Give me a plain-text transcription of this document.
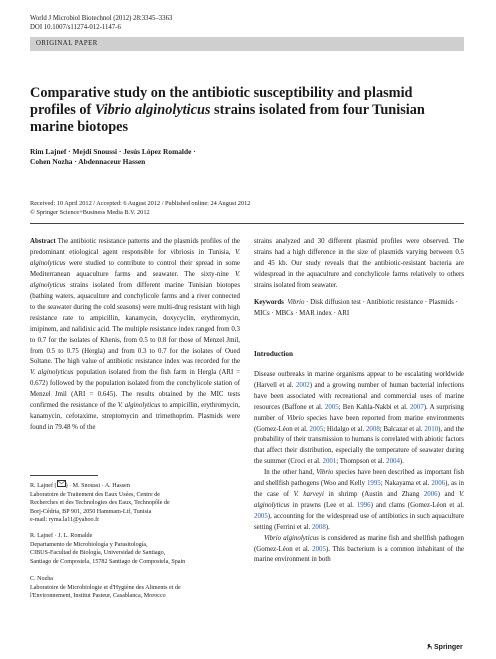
World J Microbiol Biotechnol (2012) 28:3345–3363
DOI 10.1007/s11274-012-1147-6
ORIGINAL PAPER
Comparative study on the antibiotic susceptibility and plasmid profiles of Vibrio alginolyticus strains isolated from four Tunisian marine biotopes
Rim Lajnef · Mejdi Snoussi · Jesús López Romalde ·
Cohen Nozha · Abdennaceur Hassen
Received: 10 April 2012 / Accepted: 6 August 2012 / Published online: 24 August 2012
© Springer Science+Business Media B.V. 2012

Abstract The antibiotic resistance patterns and the plasmids profiles of the predominant etiological agent responsible for vibriosis in Tunisia, V. alginolyticus were studied to contribute to control their spread in some Mediterranean aquaculture farms and seawater. The sixty-nine V. alginolyticus strains isolated from different marine Tunisian biotopes (bathing waters, aquaculture and conchylicole farms and a river connected to the seawater during the cold seasons) were multi-drug resistant with high resistance rate to ampicillin, kanamycin, doxycyclin, erythromycin, imipinem, and nalidixic acid. The multiple resistance index ranged from 0.3 to 0.7 for the isolates of Khenis, from 0.5 to 0.8 for those of Menzel Jmil, from 0.5 to 0.75 (Hergla) and from 0.3 to 0.7 for the isolates of Oued Soltane. The high value of antibiotic resistance index was recorded for the V. alginolyticus population isolated from the fish farm in Hergla (ARI = 0.672) followed by the population isolated from the conchylicole station of Menzel Jmil (ARI = 0.645). The results obtained by the MIC tests confirmed the resistance of the V. alginolyticus to ampicillin, erythromycin, kanamycin, cefotaxime, streptomycin and trimethoprim. Plasmids were found in 79.48 % of the

strains analyzed and 30 different plasmid profiles were observed. The strains had a high difference in the size of plasmids varying between 0.5 and 45 kb. Our study reveals that the antibiotic-resistant bacteria are widespread in the aquaculture and conchylicole farms relatively to others strains isolated from seawater.

Keywords Vibrio · Disk diffusion test · Antibiotic resistance · Plasmids · MICs · MBCs · MAR index · ARI
Introduction

Disease outbreaks in marine organisms appear to be escalating worldwide (Harvell et al. 2002) and a growing number of human bacterial infections have been associated with recreational and commercial uses of marine resources (Baffone et al. 2005; Ben Kahla-Nakbi et al. 2007). A surprising number of Vibrio species have been reported from marine environments (Gomez-Léon et al. 2005; Hidalgo et al. 2008; Balcazar et al. 2010), and the probability of their transmission to humans is correlated with abiotic factors that affect their distribution, especially the temperature of seawater during the summer (Croci et al. 2001; Thompson et al. 2004).

In the other hand, Vibrio species have been described as important fish and shellfish pathogens (Woo and Kelly 1995; Nakayama et al. 2006), as in the case of V. harveyi in shrimp (Austin and Zhang 2006) and V. alginolyticus in prawns (Lee et al. 1996) and clams (Gomez-Léon et al. 2005), accounting for the widespread use of antibiotics in such aquaculture setting (Ferrini et al. 2008).

Vibrio alginolyticus is considered as marine fish and shellfish pathogen (Gomez-Léon et al. 2005). This bacterium is a common inhabitant of the marine environment in both

R. Lajnef ( ) · M. Snoussi · A. Hassen
Laboratoire de Traitement des Eaux Usées, Centre de
Recherches et des Technologies des Eaux, Technopôle de
Borj-Cédria, BP 901, 2050 Hammam-Lif, Tunisia
e-mail: ryma.la11@yahoo.fr
R. Lajnef · J. L. Romalde
Departamento de Microbiología y Parasitología,
CIBUS-Facultad de Biología, Universidad de Santiago,
Santiago de Compostela, 15782 Santiago de Compostela, Spain
C. Nozha
Laboratoire de Microbiologie et d'Hygiène des Aliments et de
l'Environnement, Institut Pasteur, Casablanca, Morocco
Springer
